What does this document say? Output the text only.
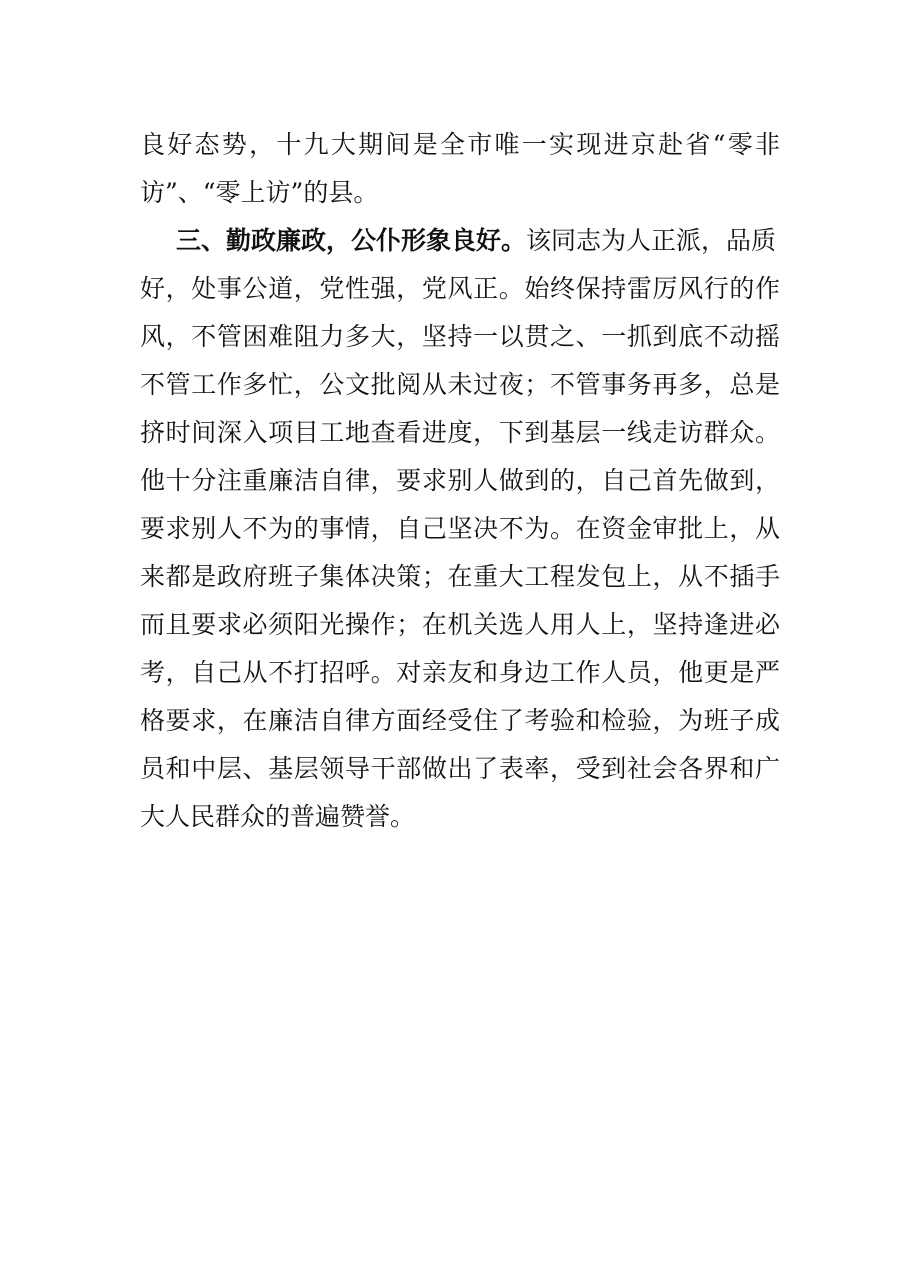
良好态势，十九大期间是全市唯一实现进京赴省“零非
访”、“零上访”的县。
三、勤政廉政，公仆形象良好。该同志为人正派，品质
好，处事公道，党性强，党风正。始终保持雷厉风行的作
风，不管困难阻力多大，坚持一以贯之、一抓到底不动摇
不管工作多忙，公文批阅从未过夜；不管事务再多，总是
挤时间深入项目工地查看进度，下到基层一线走访群众。
他十分注重廉洁自律，要求别人做到的，自己首先做到，
要求别人不为的事情，自己坚决不为。在资金审批上，从
来都是政府班子集体决策；在重大工程发包上，从不插手
而且要求必须阳光操作；在机关选人用人上，坚持逢进必
考，自己从不打招呼。对亲友和身边工作人员，他更是严
格要求，在廉洁自律方面经受住了考验和检验，为班子成
员和中层、基层领导干部做出了表率，受到社会各界和广
大人民群众的普遍赞誉。
